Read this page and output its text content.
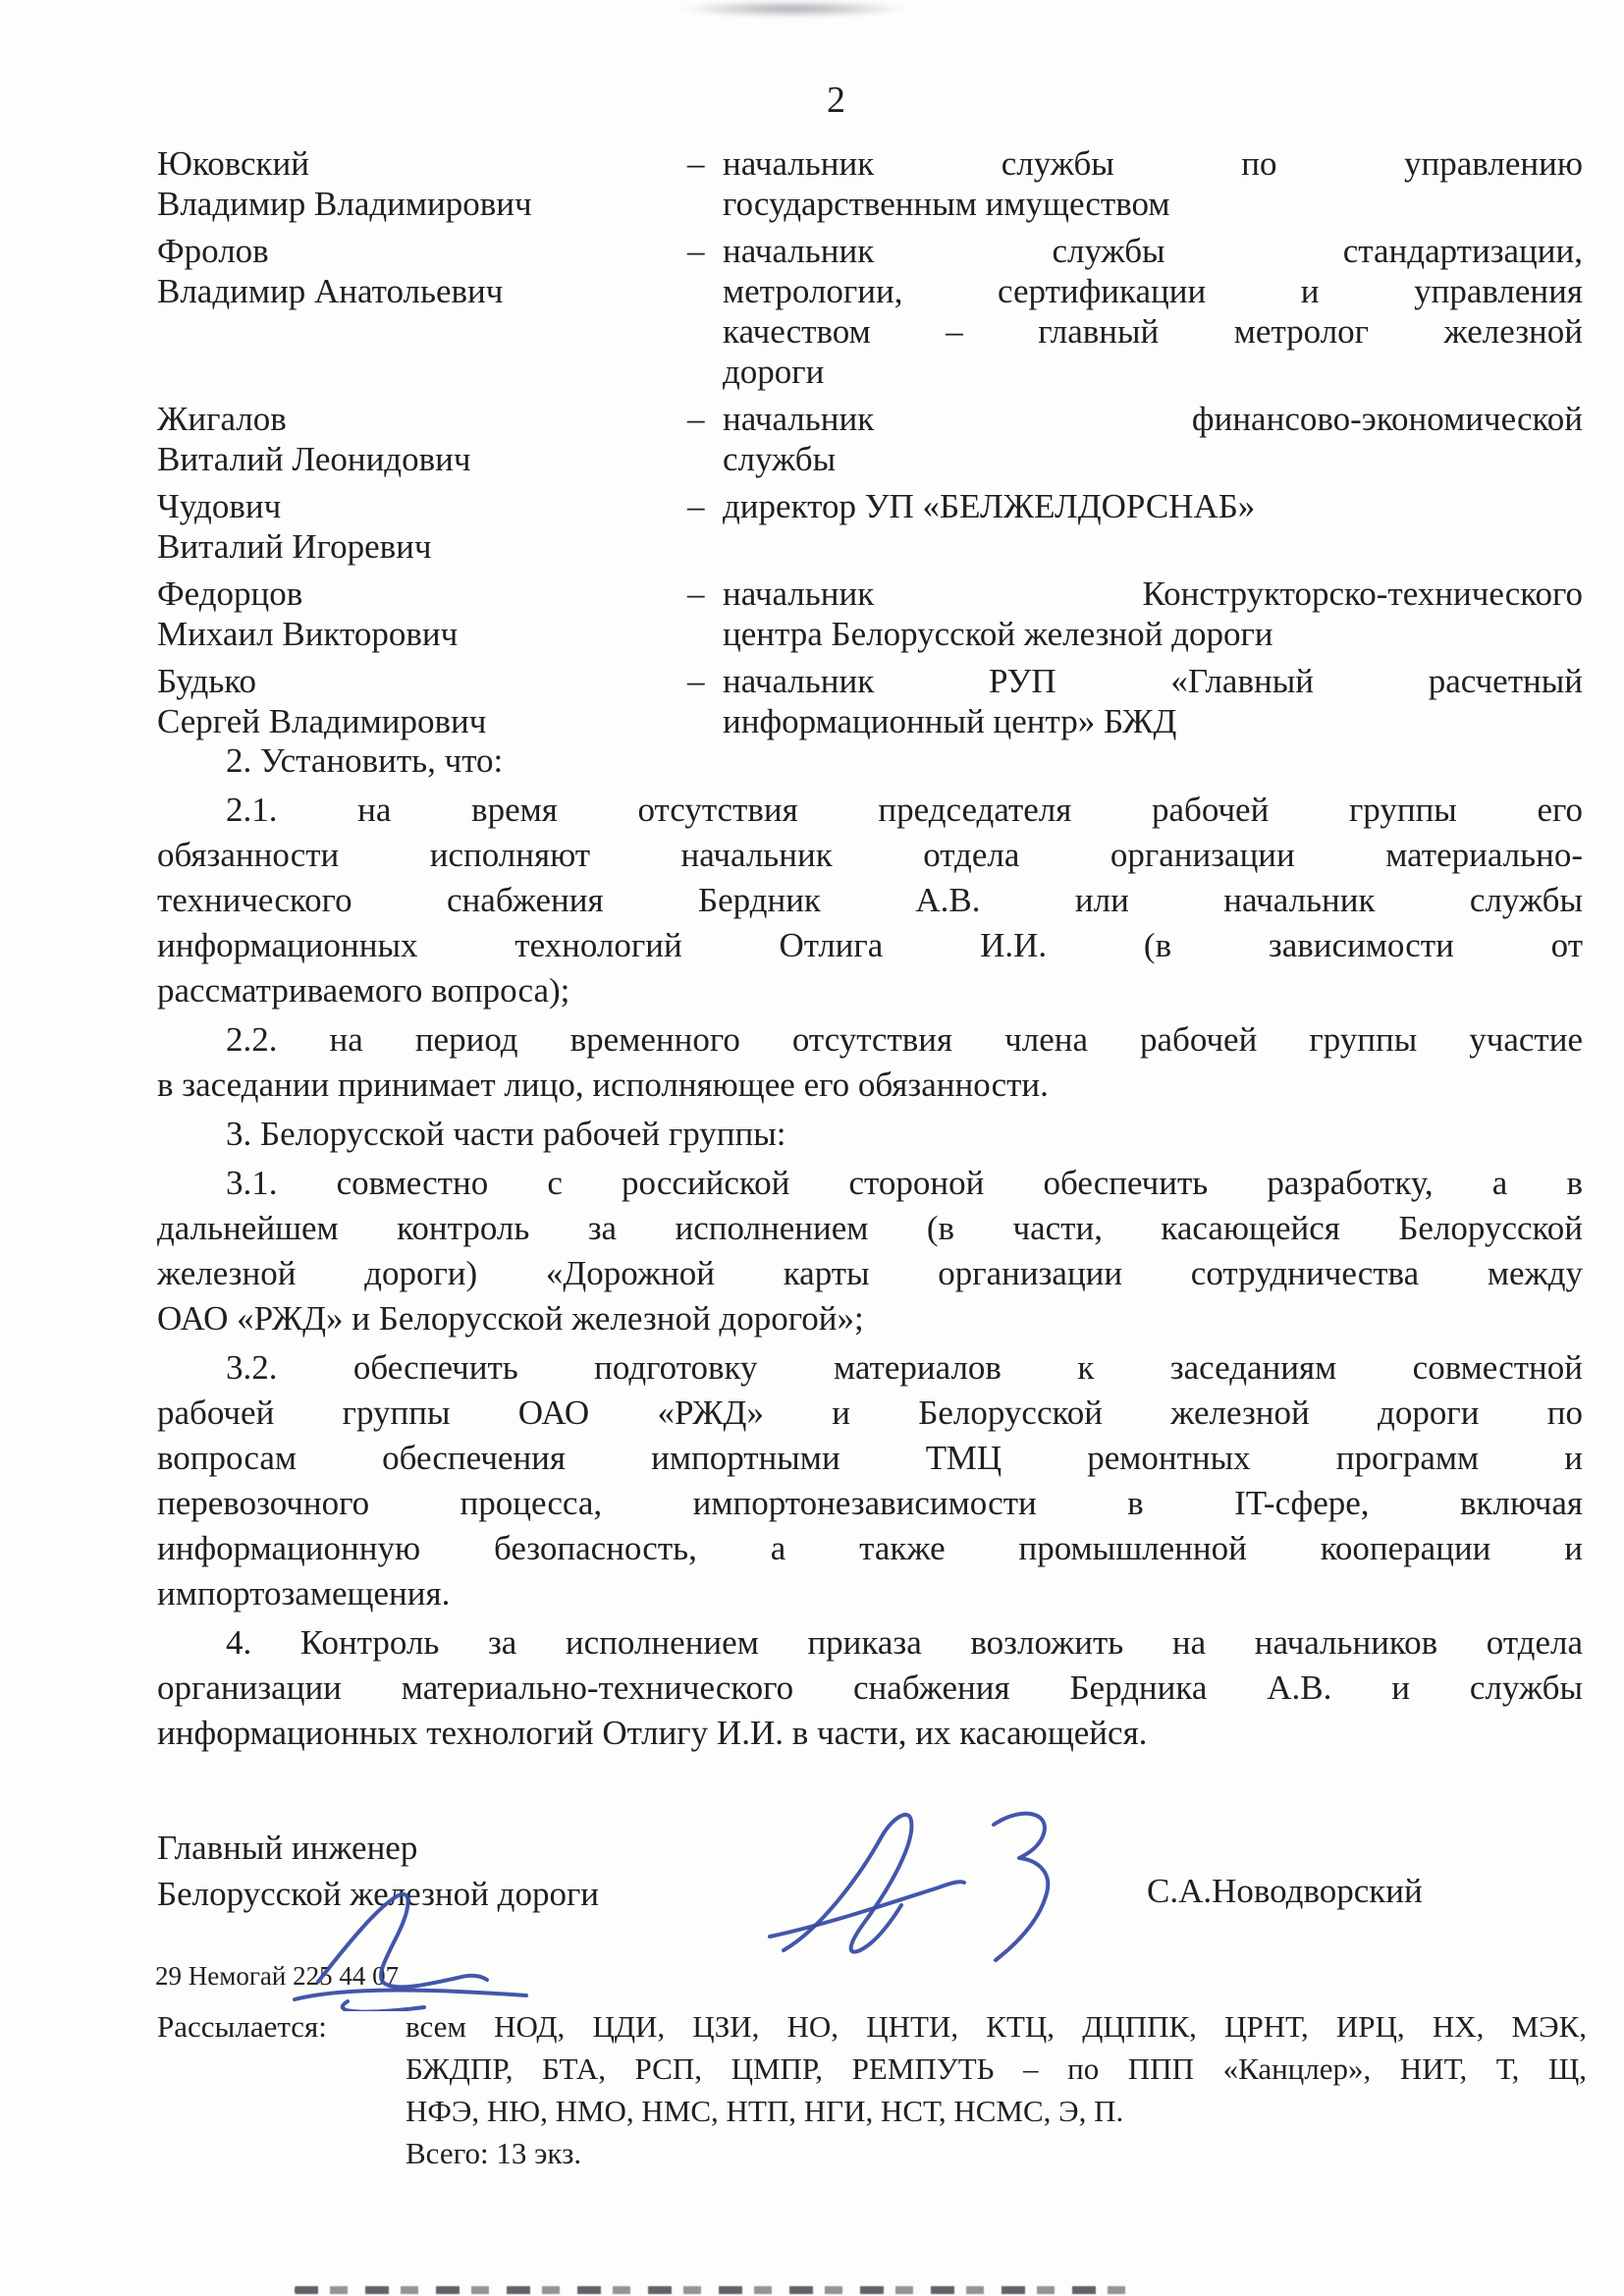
2
Юковский
Владимир Владимирович
– начальник службы по управлению
государственным имуществом
Фролов
Владимир Анатольевич
– начальник службы стандартизации,
метрологии, сертификации и управления
качеством – главный метролог железной
дороги
Жигалов
Виталий Леонидович
– начальник финансово-экономической
службы
Чудович
Виталий Игоревич
– директор УП «БЕЛЖЕЛДОРСНАБ»
Федорцов
Михаил Викторович
– начальник Конструкторско-технического
центра Белорусской железной дороги
Будько
Сергей Владимирович
– начальник РУП «Главный расчетный
информационный центр» БЖД
2. Установить, что:
2.1. на время отсутствия председателя рабочей группы его
обязанности исполняют начальник отдела организации материально-
технического снабжения Бердник А.В. или начальник службы
информационных технологий Отлига И.И. (в зависимости от
рассматриваемого вопроса);
2.2. на период временного отсутствия члена рабочей группы участие
в заседании принимает лицо, исполняющее его обязанности.
3. Белорусской части рабочей группы:
3.1. совместно с российской стороной обеспечить разработку, а в
дальнейшем контроль за исполнением (в части, касающейся Белорусской
железной дороги) «Дорожной карты организации сотрудничества между
ОАО «РЖД» и Белорусской железной дорогой»;
3.2. обеспечить подготовку материалов к заседаниям совместной
рабочей группы ОАО «РЖД» и Белорусской железной дороги по
вопросам обеспечения импортными ТМЦ ремонтных программ и
перевозочного процесса, импортонезависимости в IT-сфере, включая
информационную безопасность, а также промышленной кооперации и
импортозамещения.
4. Контроль за исполнением приказа возложить на начальников отдела
организации материально-технического снабжения Бердника А.В. и службы
информационных технологий Отлигу И.И. в части, их касающейся.
Главный инженер
Белорусской железной дороги	С.А.Новодворский
29 Немогай 225 44 07
Рассылается:	всем НОД, ЦДИ, ЦЗИ, НО, ЦНТИ, КТЦ, ДЦППК, ЦРНТ, ИРЦ, НХ, МЭК,
БЖДПР, БТА, РСП, ЦМПР, РЕМПУТЬ – по ППП «Канцлер», НИТ, Т, Щ,
НФЭ, НЮ, НМО, НМС, НТП, НГИ, НСТ, НСМС, Э, П.
Всего: 13 экз.
